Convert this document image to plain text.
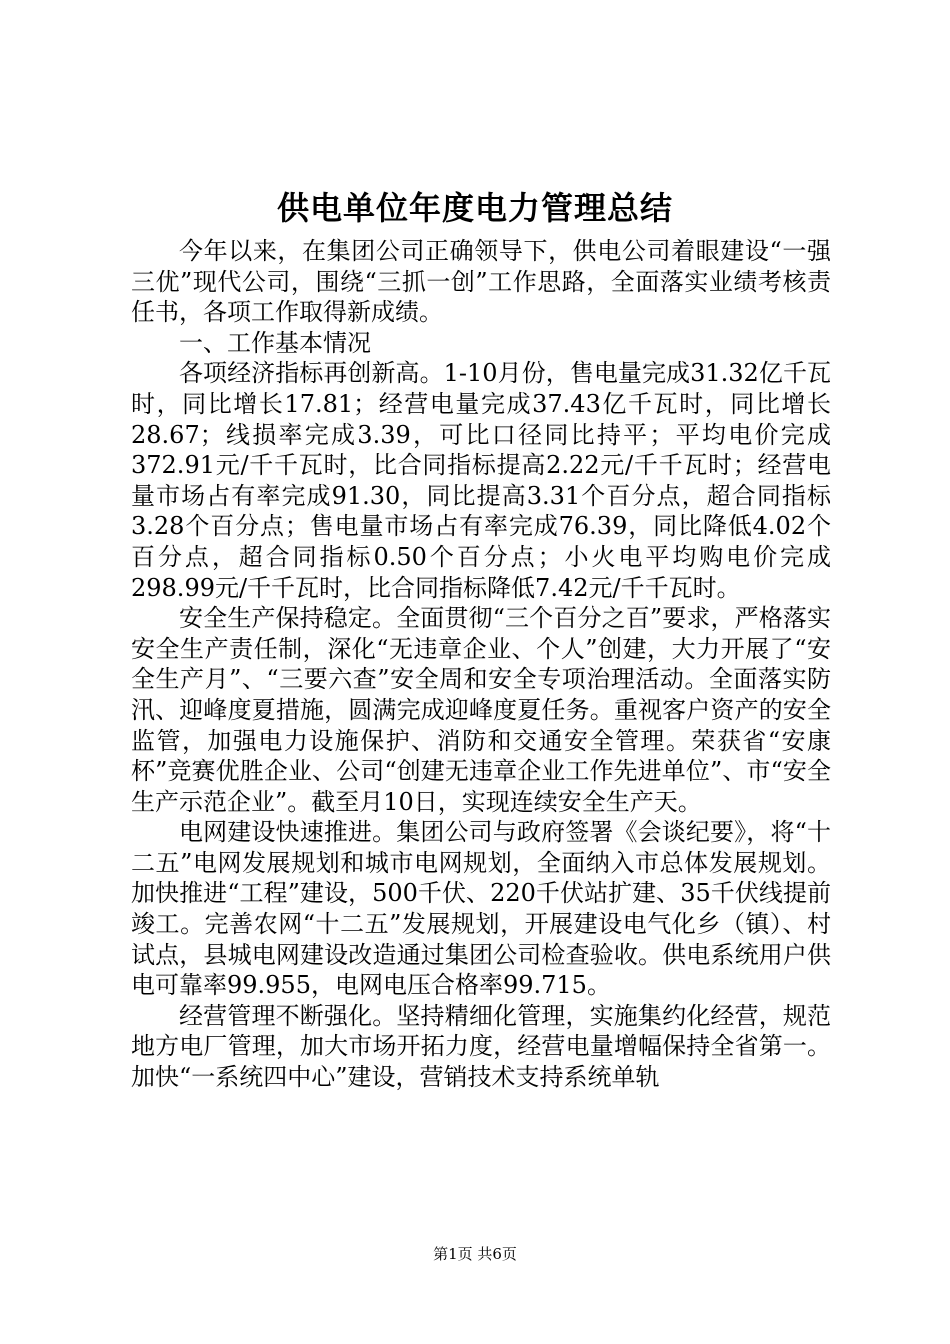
供电单位年度电力管理总结

今年以来，在集团公司正确领导下，供电公司着眼建设“一强三优”现代公司，围绕“三抓一创”工作思路，全面落实业绩考核责任书，各项工作取得新成绩。

一、工作基本情况

各项经济指标再创新高。1-10月份，售电量完成31.32亿千瓦时，同比增长17.81；经营电量完成37.43亿千瓦时，同比增长28.67；线损率完成3.39，可比口径同比持平；平均电价完成372.91元/千千瓦时，比合同指标提高2.22元/千千瓦时；经营电量市场占有率完成91.30，同比提高3.31个百分点，超合同指标3.28个百分点；售电量市场占有率完成76.39，同比降低4.02个百分点，超合同指标0.50个百分点；小火电平均购电价完成298.99元/千千瓦时，比合同指标降低7.42元/千千瓦时。

安全生产保持稳定。全面贯彻“三个百分之百”要求，严格落实安全生产责任制，深化“无违章企业、个人”创建，大力开展了“安全生产月”、“三要六查”安全周和安全专项治理活动。全面落实防汛、迎峰度夏措施，圆满完成迎峰度夏任务。重视客户资产的安全监管，加强电力设施保护、消防和交通安全管理。荣获省“安康杯”竞赛优胜企业、公司“创建无违章企业工作先进单位”、市“安全生产示范企业”。截至月10日，实现连续安全生产天。

电网建设快速推进。集团公司与政府签署《会谈纪要》，将“十二五”电网发展规划和城市电网规划，全面纳入市总体发展规划。加快推进“工程”建设，500千伏、220千伏站扩建、35千伏线提前竣工。完善农网“十二五”发展规划，开展建设电气化乡（镇）、村试点，县城电网建设改造通过集团公司检查验收。供电系统用户供电可靠率99.955，电网电压合格率99.715。

经营管理不断强化。坚持精细化管理，实施集约化经营，规范地方电厂管理，加大市场开拓力度，经营电量增幅保持全省第一。加快“一系统四中心”建设，营销技术支持系统单轨

第1页 共6页
